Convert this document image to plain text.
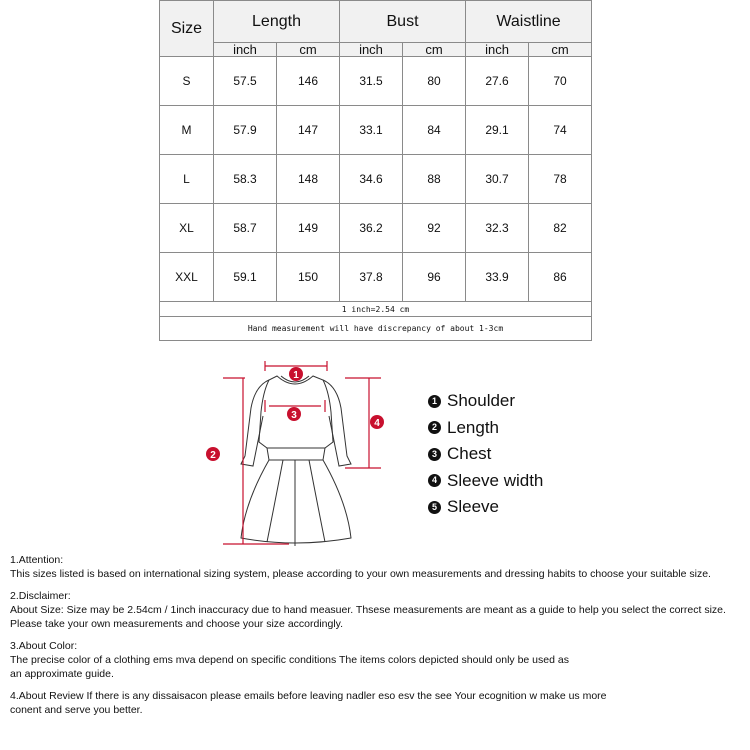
Size	Length		Bust		Waistline	
	inch	cm	inch	cm	inch	cm
S	57.5	146	31.5	80	27.6	70
M	57.9	147	33.1	84	29.1	74
L	58.3	148	34.6	88	30.7	78
XL	58.7	149	36.2	92	32.3	82
XXL	59.1	150	37.8	96	33.9	86
1 inch=2.54 cm						
Hand measurement will have discrepancy of about 1-3cm						
1
2
3
4
1 Shoulder
2 Length
3 Chest
4 Sleeve width
5 Sleeve

1.Attention:

This sizes listed is based on international sizing system, please according to your own measurements and dressing habits to choose your suitable size.

2.Disclaimer:

About Size: Size may be 2.54cm / 1inch inaccuracy due to hand measuer. Thsese measurements are meant as a guide to help you select the correct size.

Please take your own measurements and choose your size accordingly.

3.About Color:

The precise color of a clothing ems mva depend on specific conditions The items colors depicted should only be used as

an approximate guide.

4.About Review If there is any dissaisacon please emails before leaving nadler eso esv the see Your ecognition w make us more

conent and serve you better.
